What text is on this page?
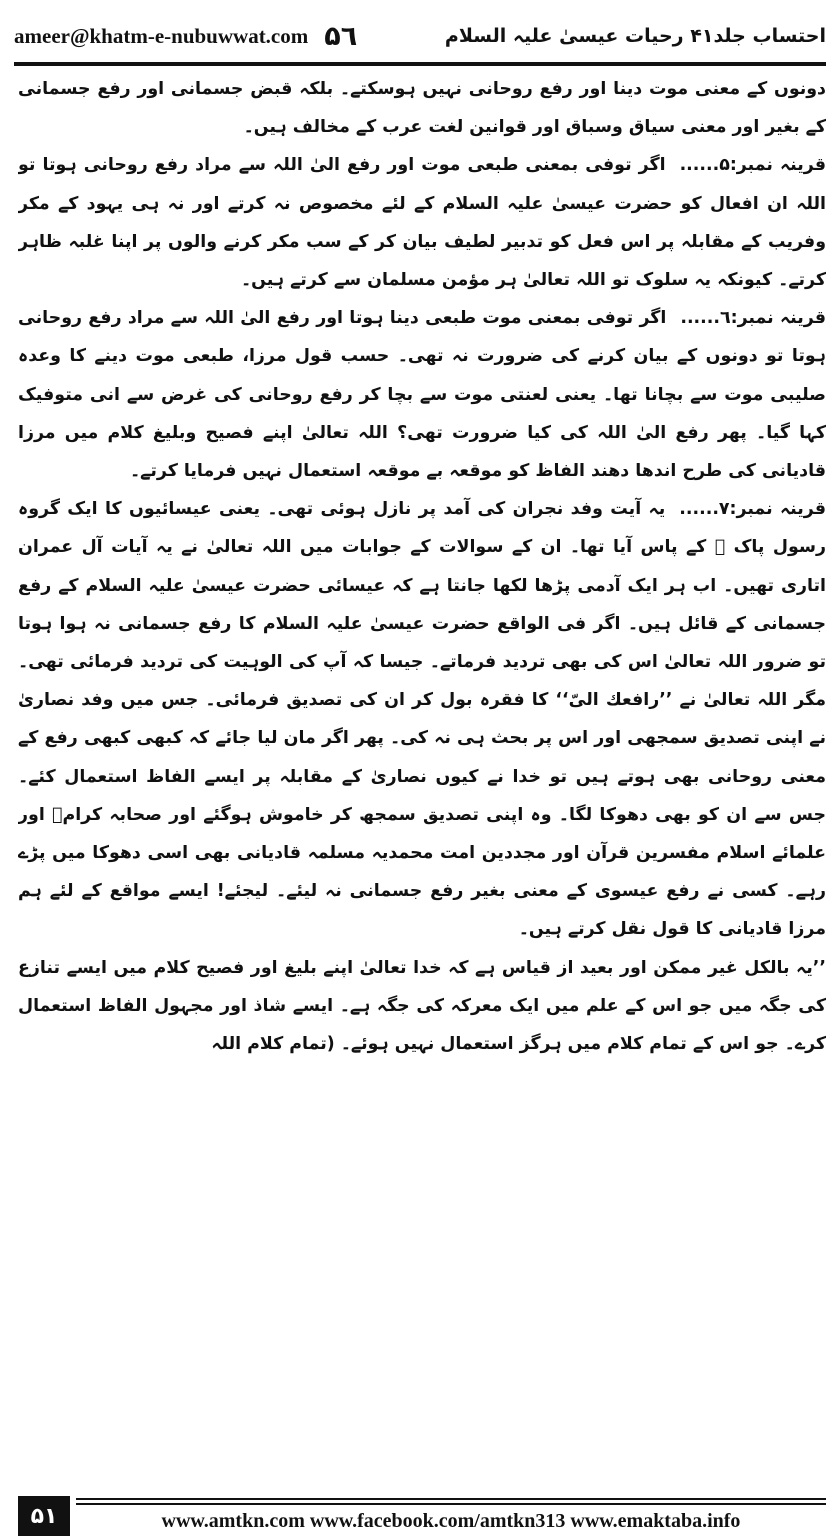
ameer@khatm-e-nubuwwat.com ۵٦	احتساب جلد۴۱ رحیات عیسیٰ علیہ السلام

دونوں کے معنی موت دینا اور رفع روحانی نہیں ہوسکتے۔ بلکہ قبض جسمانی اور رفع جسمانی کے بغیر اور معنی سیاق وسباق اور قوانین لغت عرب کے مخالف ہیں۔

قرینہ نمبر:۵......اگر توفی بمعنی طبعی موت اور رفع الیٰ اللہ سے مراد رفع روحانی ہوتا تو اللہ ان افعال کو حضرت عیسیٰ علیہ السلام کے لئے مخصوص نہ کرتے اور نہ ہی یہود کے مکر وفریب کے مقابلہ پر اس فعل کو تدبیر لطیف بیان کر کے سب مکر کرنے والوں پر اپنا غلبہ ظاہر کرتے۔ کیونکہ یہ سلوک تو اللہ تعالیٰ ہر مؤمن مسلمان سے کرتے ہیں۔

قرینہ نمبر:٦......اگر توفی بمعنی موت طبعی دینا ہوتا اور رفع الیٰ اللہ سے مراد رفع روحانی ہوتا تو دونوں کے بیان کرنے کی ضرورت نہ تھی۔ حسب قول مرزا، طبعی موت دینے کا وعدہ صلیبی موت سے بچانا تھا۔ یعنی لعنتی موت سے بچا کر رفع روحانی کی غرض سے انی متوفیک کہا گیا۔ پھر رفع الیٰ اللہ کی کیا ضرورت تھی؟ اللہ تعالیٰ اپنے فصیح وبلیغ کلام میں مرزا قادیانی کی طرح اندھا دھند الفاظ کو موقعہ بے موقعہ استعمال نہیں فرمایا کرتے۔

قرینہ نمبر:۷......یہ آیت وفد نجران کی آمد پر نازل ہوئی تھی۔ یعنی عیسائیوں کا ایک گروہ رسول پاک ﷺ کے پاس آیا تھا۔ ان کے سوالات کے جوابات میں اللہ تعالیٰ نے یہ آیات آل عمران اتاری تھیں۔ اب ہر ایک آدمی پڑھا لکھا جانتا ہے کہ عیسائی حضرت عیسیٰ علیہ السلام کے رفع جسمانی کے قائل ہیں۔ اگر فی الواقع حضرت عیسیٰ علیہ السلام کا رفع جسمانی نہ ہوا ہوتا تو ضرور اللہ تعالیٰ اس کی بھی تردید فرماتے۔ جیسا کہ آپ کی الوہیت کی تردید فرمائی تھی۔ مگر اللہ تعالیٰ نے ’’رافعك الیّ‘‘ کا فقرہ بول کر ان کی تصدیق فرمائی۔ جس میں وفد نصاریٰ نے اپنی تصدیق سمجھی اور اس پر بحث ہی نہ کی۔ پھر اگر مان لیا جائے کہ کبھی کبھی رفع کے معنی روحانی بھی ہوتے ہیں تو خدا نے کیوں نصاریٰ کے مقابلہ پر ایسے الفاظ استعمال کئے۔ جس سے ان کو بھی دھوکا لگا۔ وہ اپنی تصدیق سمجھ کر خاموش ہوگئے اور صحابہ کرامؓ اور علمائے اسلام مفسرین قرآن اور مجددین امت محمدیہ مسلمہ قادیانی بھی اسی دھوکا میں پڑے رہے۔ کسی نے رفع عیسوی کے معنی بغیر رفع جسمانی نہ لیئے۔ لیجئے! ایسے مواقع کے لئے ہم مرزا قادیانی کا قول نقل کرتے ہیں۔

’’یہ بالکل غیر ممکن اور بعید از قیاس ہے کہ خدا تعالیٰ اپنے بلیغ اور فصیح کلام میں ایسے تنازع کی جگہ میں جو اس کے علم میں ایک معرکہ کی جگہ ہے۔ ایسے شاذ اور مجہول الفاظ استعمال کرے۔ جو اس کے تمام کلام میں ہرگز استعمال نہیں ہوئے۔ (تمام کلام اللہ

۵۱	www.amtkn.com www.facebook.com/amtkn313 www.emaktaba.info
